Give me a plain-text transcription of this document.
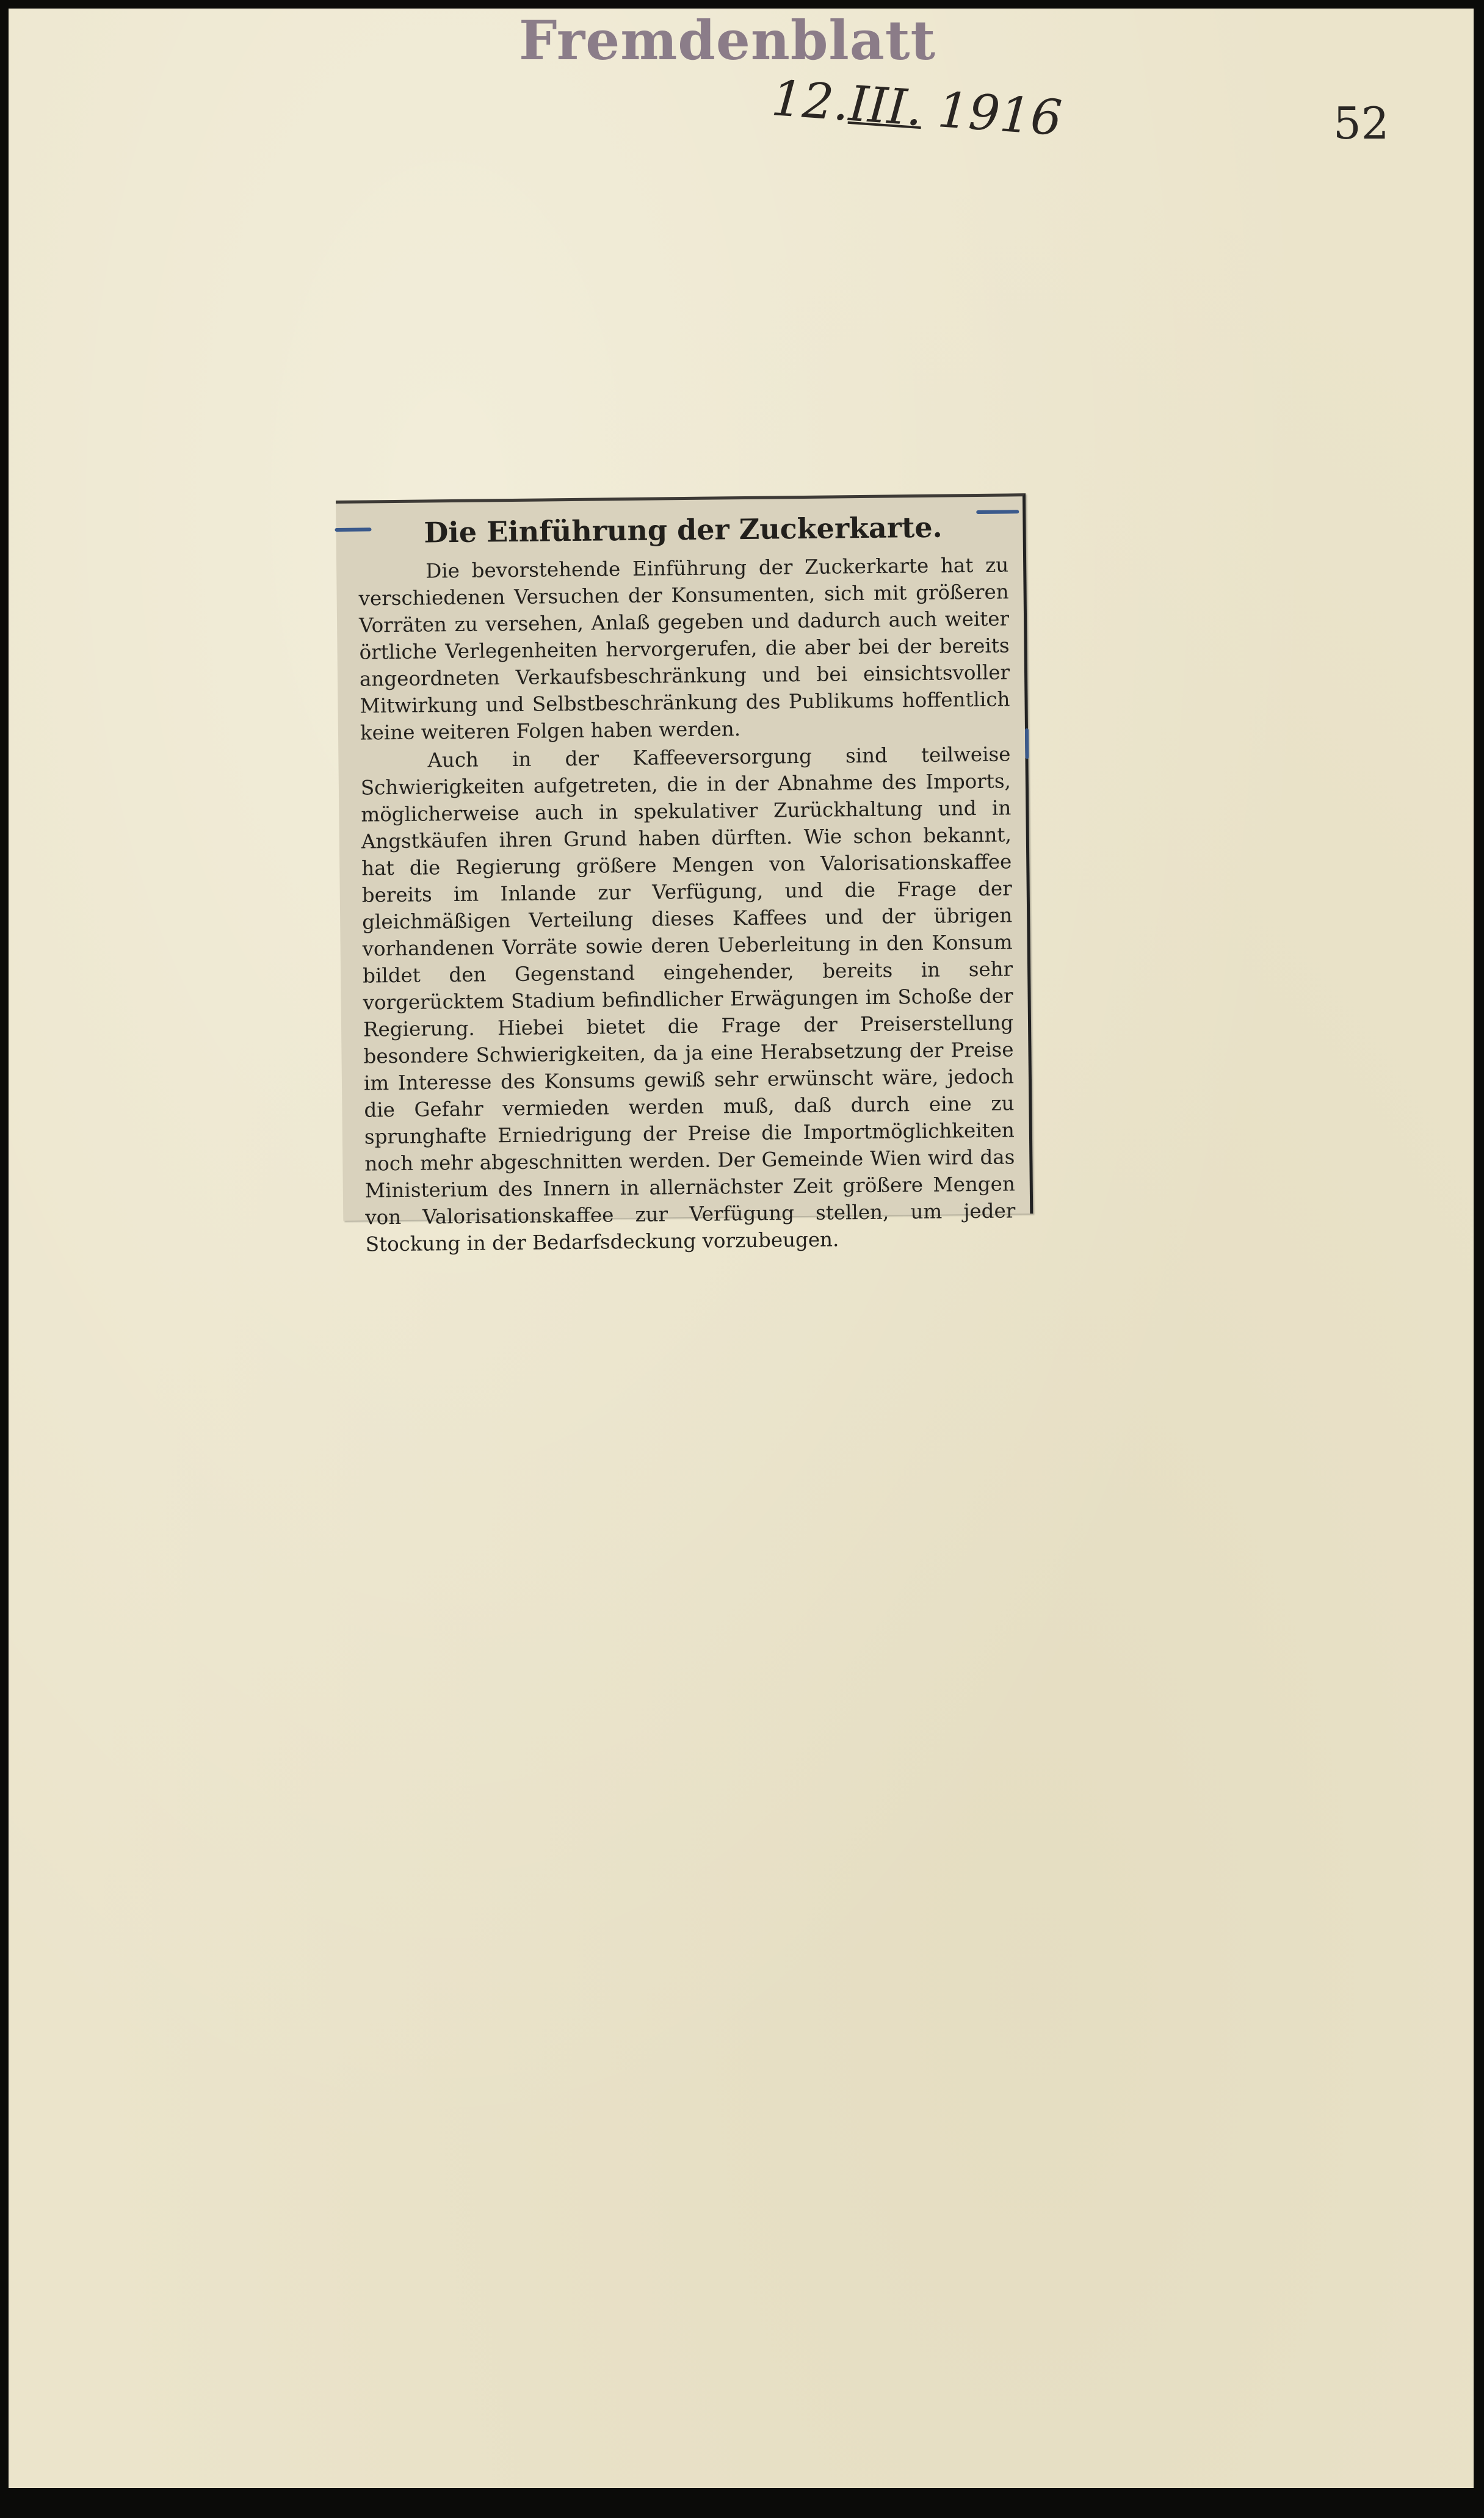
Fremdenblatt
12.III. 1916	52
Die Einführung der Zuckerkarte.

Die bevorstehende Einführung der Zuckerkarte hat zu verschiedenen Versuchen der Konsumenten, sich mit größeren Vorräten zu versehen, Anlaß gegeben und dadurch auch weiter örtliche Verlegenheiten hervorgerufen, die aber bei der bereits angeordneten Verkaufsbeschränkung und bei einsichtsvoller Mitwirkung und Selbstbeschränkung des Publikums hoffentlich keine weiteren Folgen haben werden.

Auch in der Kaffeeversorgung sind teilweise Schwierigkeiten aufgetreten, die in der Abnahme des Imports, möglicherweise auch in spekulativer Zurückhaltung und in Angstkäufen ihren Grund haben dürften. Wie schon bekannt, hat die Regierung größere Mengen von Valorisationskaffee bereits im Inlande zur Verfügung, und die Frage der gleichmäßigen Verteilung dieses Kaffees und der übrigen vorhandenen Vorräte sowie deren Ueberleitung in den Konsum bildet den Gegenstand eingehender, bereits in sehr vorgerücktem Stadium befindlicher Erwägungen im Schoße der Regierung. Hiebei bietet die Frage der Preiserstellung besondere Schwierigkeiten, da ja eine Herabsetzung der Preise im Interesse des Konsums gewiß sehr erwünscht wäre, jedoch die Gefahr vermieden werden muß, daß durch eine zu sprunghafte Erniedrigung der Preise die Importmöglichkeiten noch mehr abgeschnitten werden. Der Gemeinde Wien wird das Ministerium des Innern in allernächster Zeit größere Mengen von Valorisationskaffee zur Verfügung stellen, um jeder Stockung in der Bedarfsdeckung vorzubeugen.
